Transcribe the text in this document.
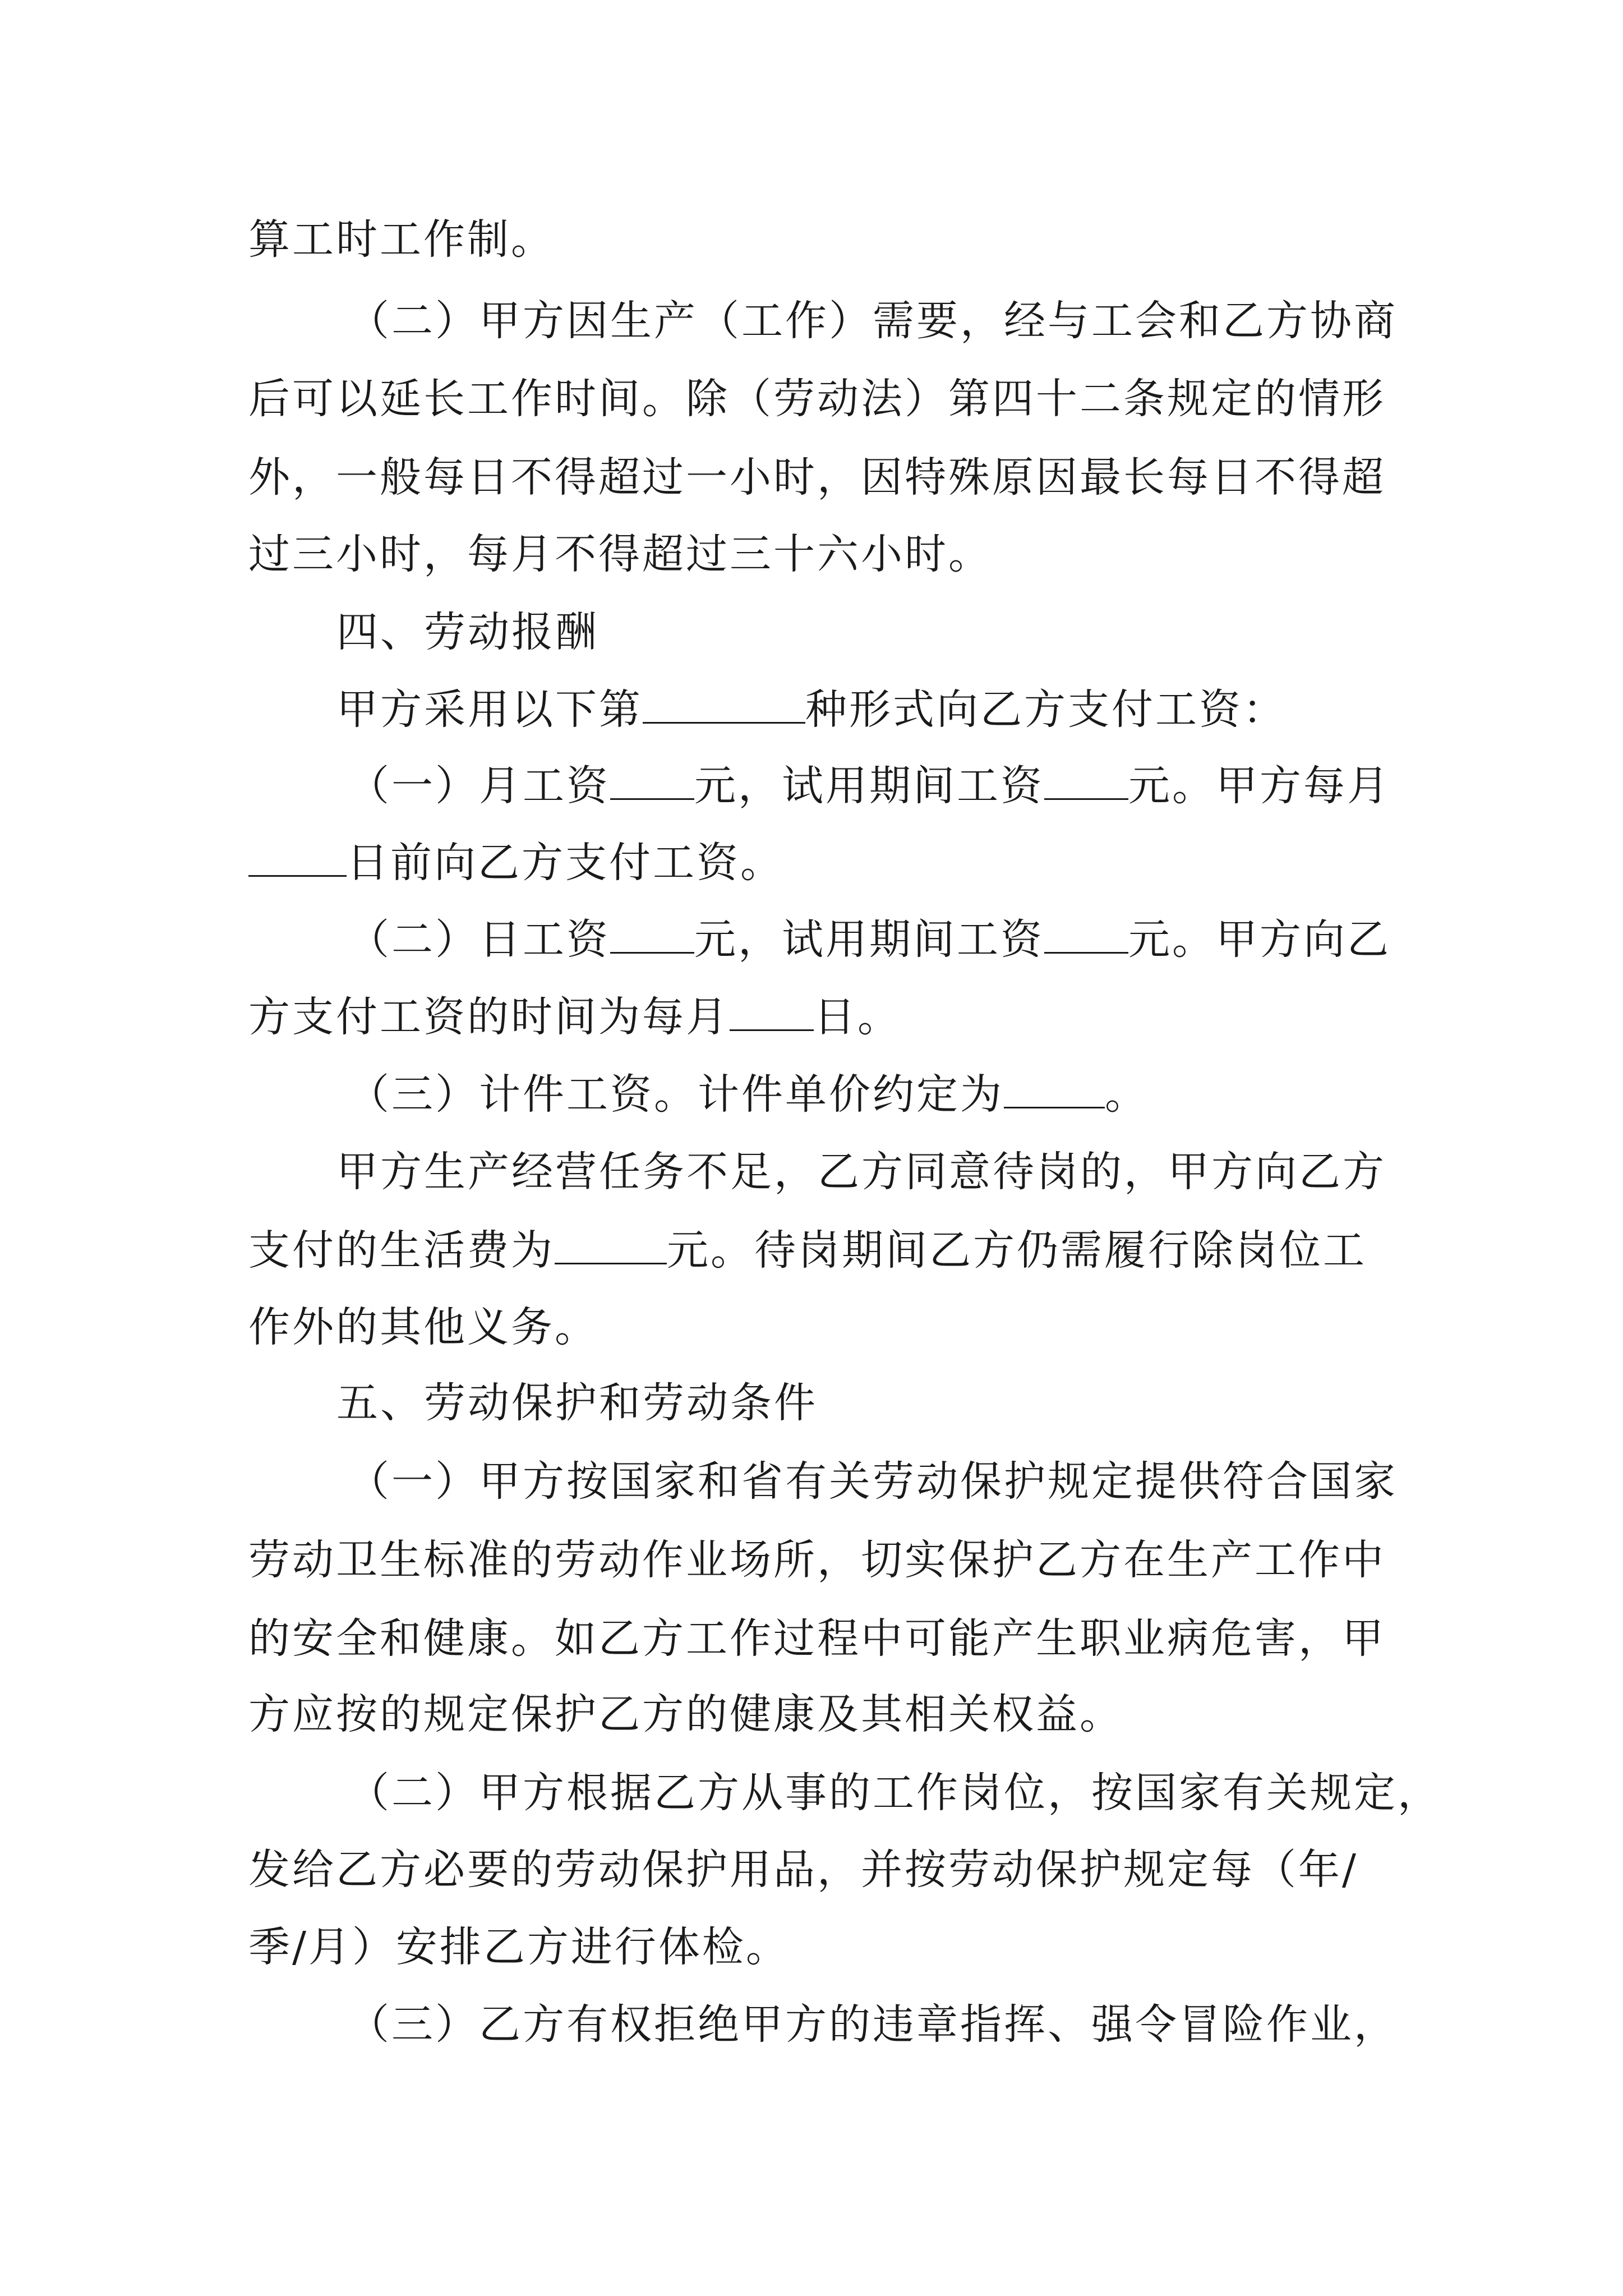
算工时工作制。
（二）甲方因生产（工作）需要，经与工会和乙方协商
后可以延长工作时间。除（劳动法）第四十二条规定的情形
外，一般每日不得超过一小时，因特殊原因最长每日不得超
过三小时，每月不得超过三十六小时。
四、劳动报酬
甲方采用以下第	种形式向乙方支付工资：
（一）月工资 元，试用期间工资 元。甲方每月
日前向乙方支付工资。
（二）日工资 元，试用期间工资 元。甲方向乙
方支付工资的时间为每月 日。
（三）计件工资。计件单价约定为 。
甲方生产经营任务不足，乙方同意待岗的，甲方向乙方
支付的生活费为	元。待岗期间乙方仍需履行除岗位工
作外的其他义务。
五、劳动保护和劳动条件
（一）甲方按国家和省有关劳动保护规定提供符合国家
劳动卫生标准的劳动作业场所，切实保护乙方在生产工作中
的安全和健康。如乙方工作过程中可能产生职业病危害，甲
方应按的规定保护乙方的健康及其相关权益。
（二）甲方根据乙方从事的工作岗位，按国家有关规定，
发给乙方必要的劳动保护用品，并按劳动保护规定每（年/
季/月）安排乙方进行体检。
（三）乙方有权拒绝甲方的违章指挥、强令冒险作业，
